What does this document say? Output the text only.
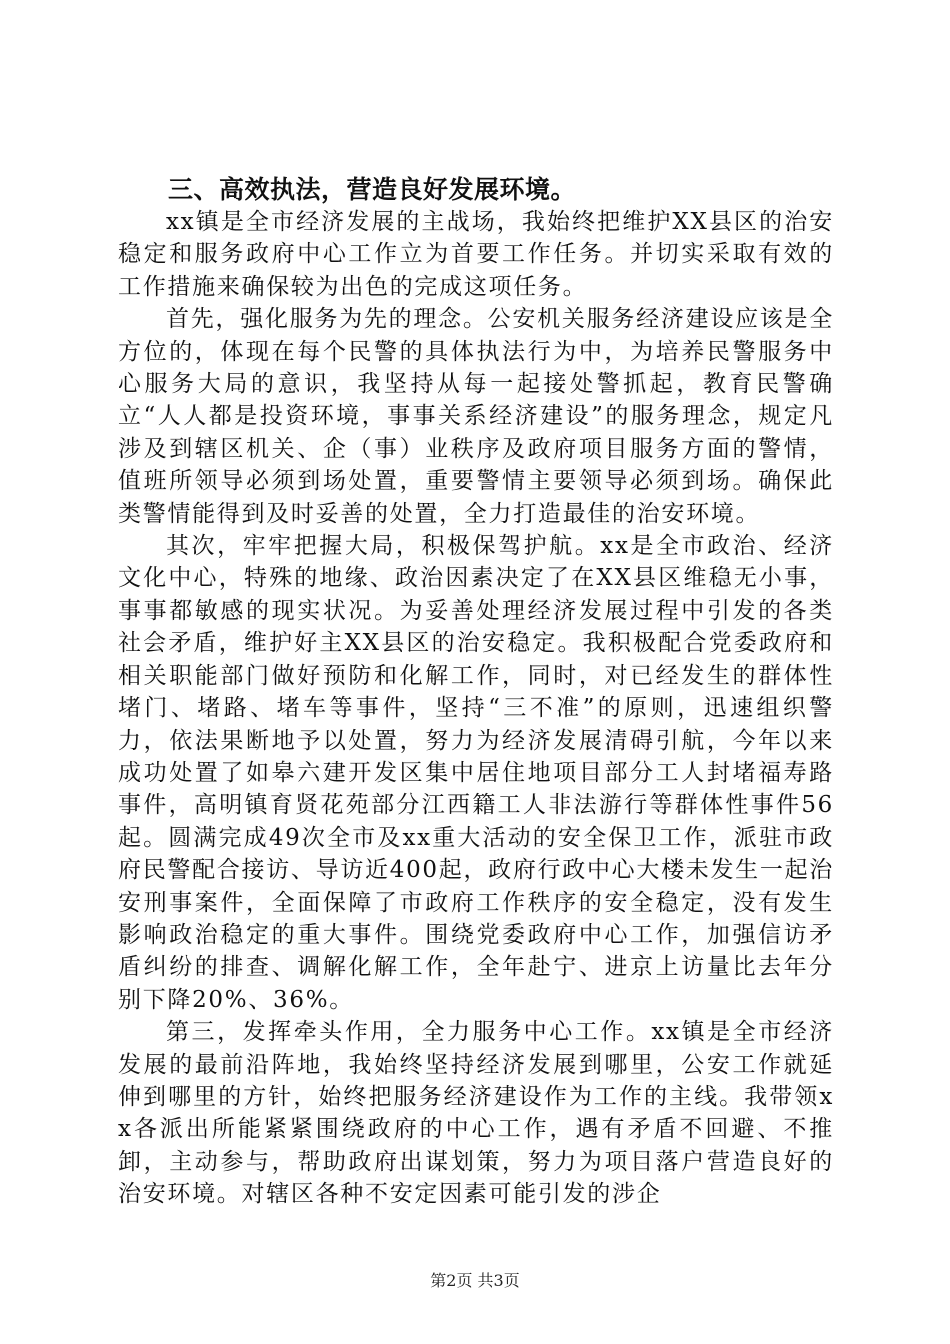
三、高效执法，营造良好发展环境。

xx镇是全市经济发展的主战场，我始终把维护XX县区的治安稳定和服务政府中心工作立为首要工作任务。并切实采取有效的工作措施来确保较为出色的完成这项任务。

首先，强化服务为先的理念。公安机关服务经济建设应该是全方位的，体现在每个民警的具体执法行为中，为培养民警服务中心服务大局的意识，我坚持从每一起接处警抓起，教育民警确立“人人都是投资环境，事事关系经济建设”的服务理念，规定凡涉及到辖区机关、企（事）业秩序及政府项目服务方面的警情，值班所领导必须到场处置，重要警情主要领导必须到场。确保此类警情能得到及时妥善的处置，全力打造最佳的治安环境。

其次，牢牢把握大局，积极保驾护航。xx是全市政治、经济文化中心，特殊的地缘、政治因素决定了在XX县区维稳无小事，事事都敏感的现实状况。为妥善处理经济发展过程中引发的各类社会矛盾，维护好主XX县区的治安稳定。我积极配合党委政府和相关职能部门做好预防和化解工作，同时，对已经发生的群体性堵门、堵路、堵车等事件，坚持“三不准”的原则，迅速组织警力，依法果断地予以处置，努力为经济发展清碍引航，今年以来成功处置了如皋六建开发区集中居住地项目部分工人封堵福寿路事件，高明镇育贤花苑部分江西籍工人非法游行等群体性事件56起。圆满完成49次全市及xx重大活动的安全保卫工作，派驻市政府民警配合接访、导访近400起，政府行政中心大楼未发生一起治安刑事案件，全面保障了市政府工作秩序的安全稳定，没有发生影响政治稳定的重大事件。围绕党委政府中心工作，加强信访矛盾纠纷的排查、调解化解工作，全年赴宁、进京上访量比去年分别下降20%、36%。

第三，发挥牵头作用，全力服务中心工作。xx镇是全市经济发展的最前沿阵地，我始终坚持经济发展到哪里，公安工作就延伸到哪里的方针，始终把服务经济建设作为工作的主线。我带领xx各派出所能紧紧围绕政府的中心工作，遇有矛盾不回避、不推卸，主动参与，帮助政府出谋划策，努力为项目落户营造良好的治安环境。对辖区各种不安定因素可能引发的涉企

第2页 共3页
